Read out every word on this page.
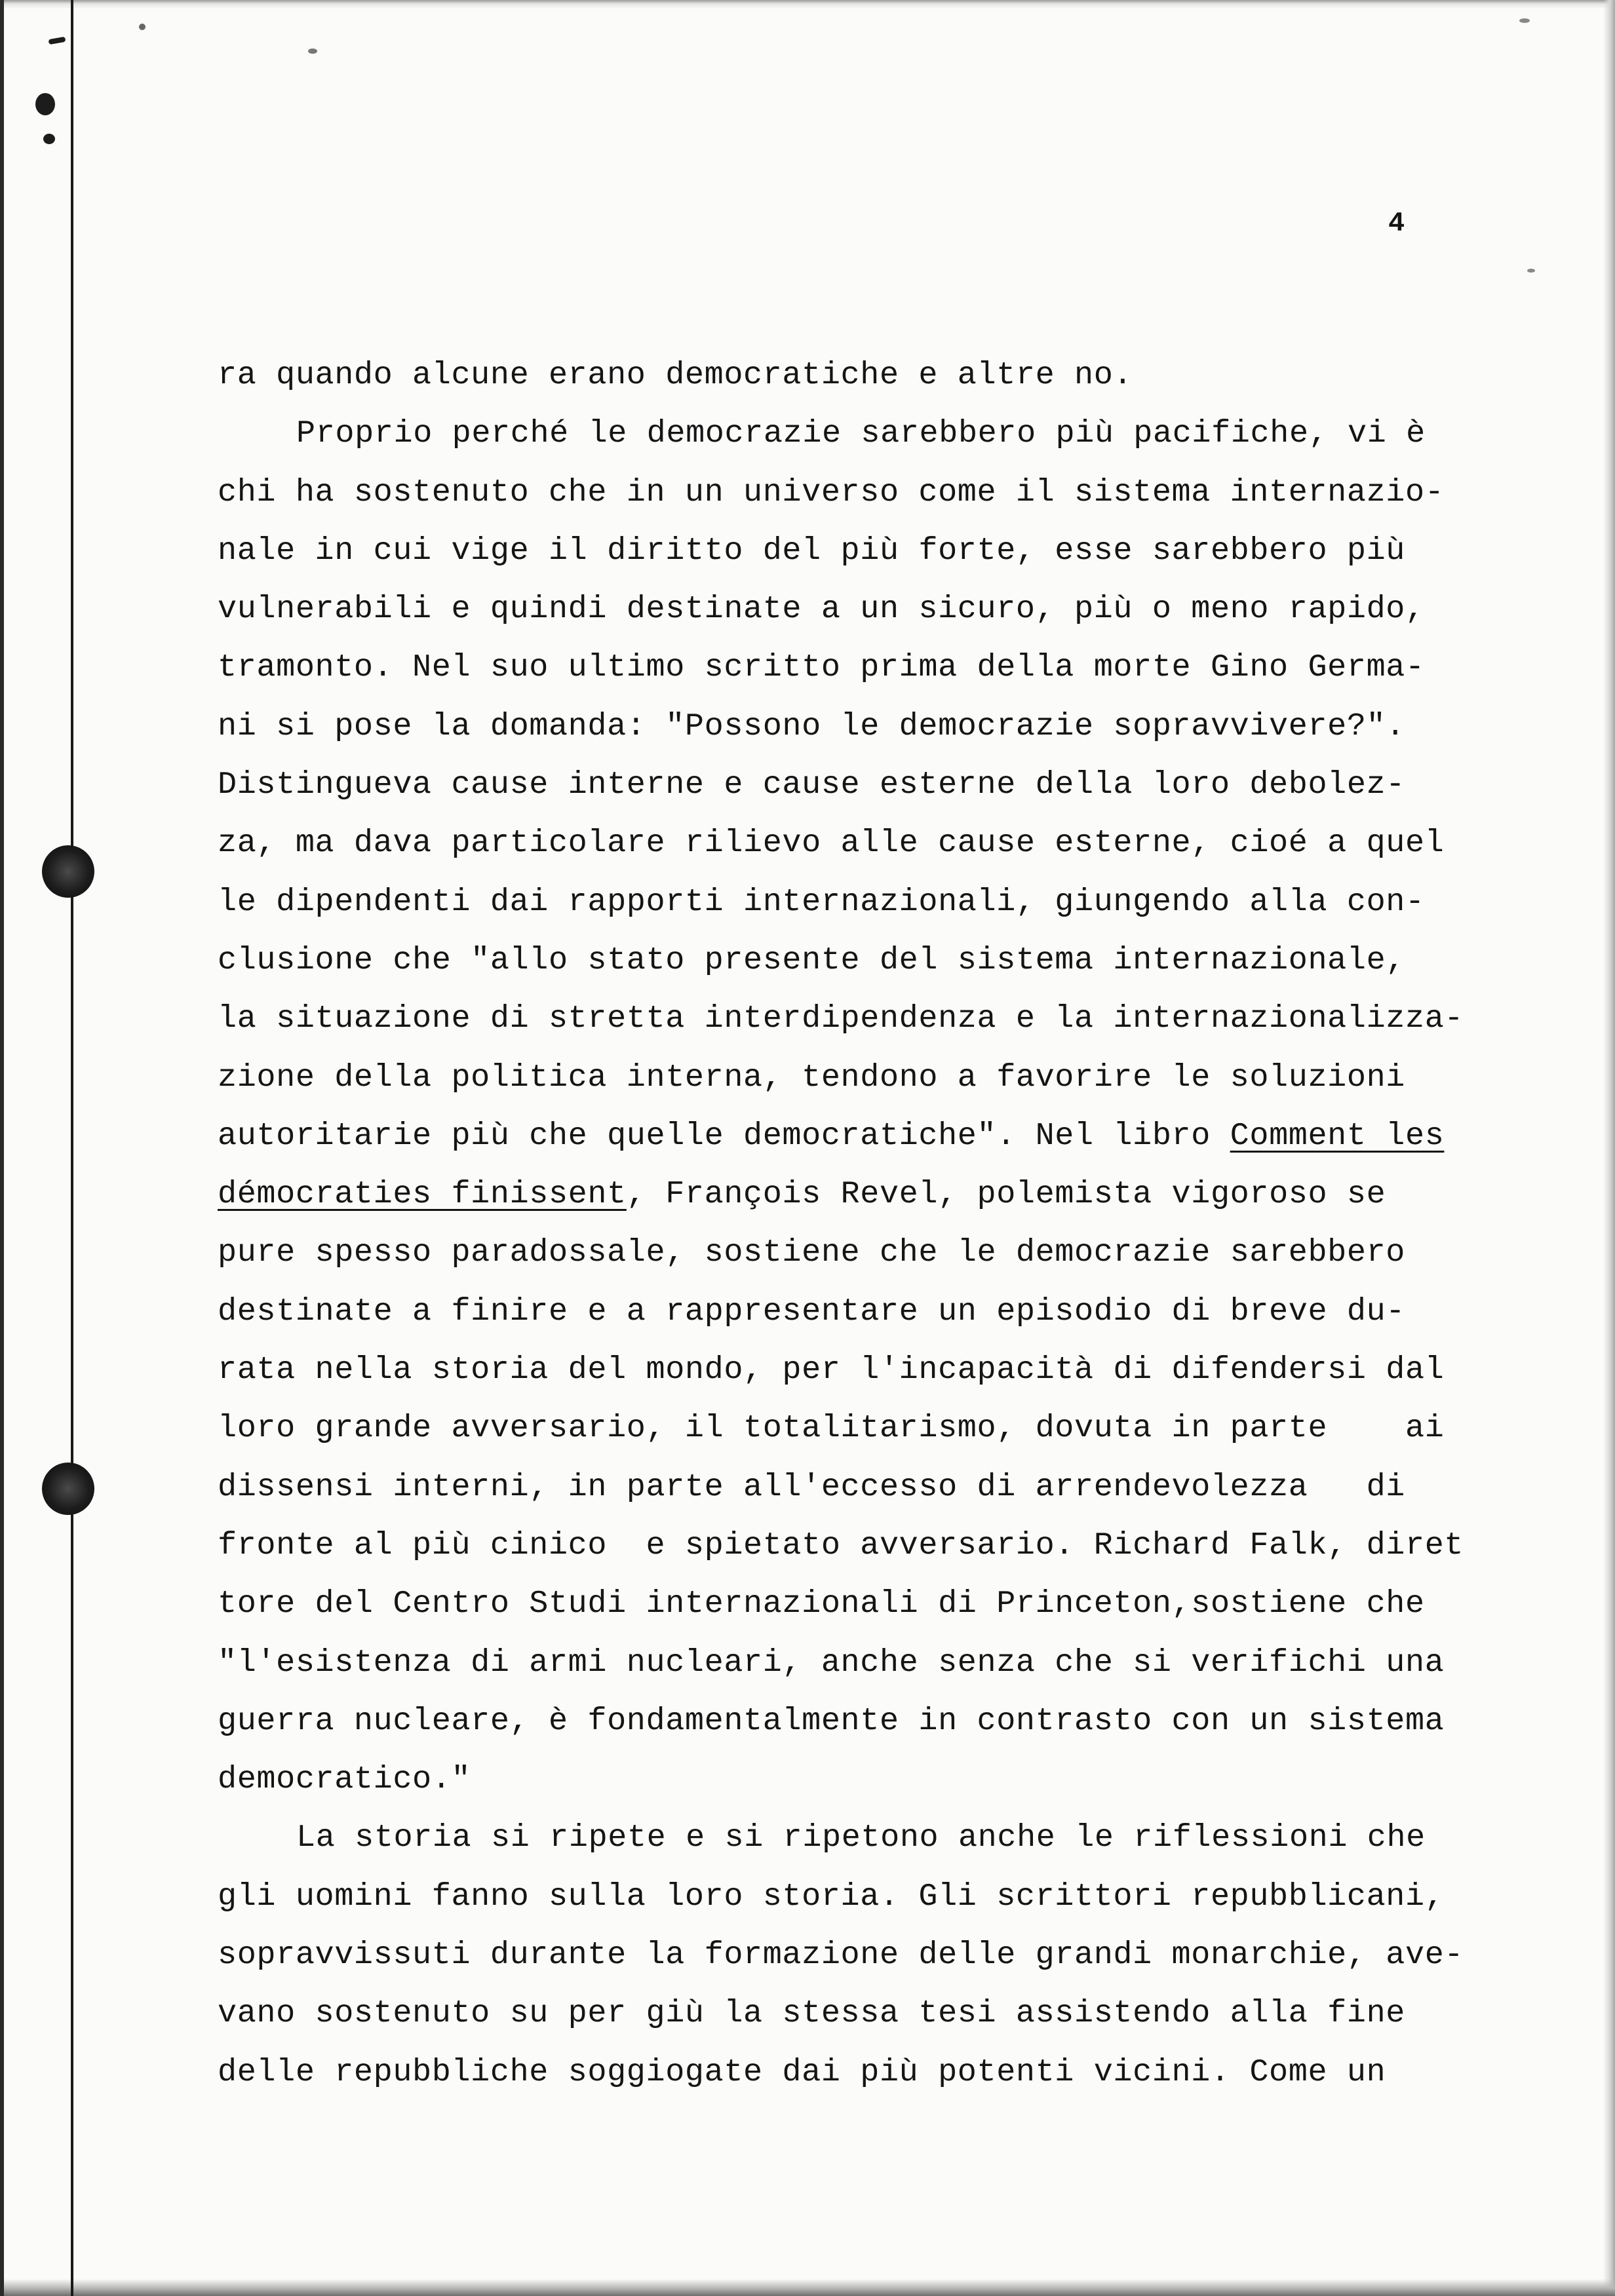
4
ra quando alcune erano democratiche e altre no.
Proprio perché le democrazie sarebbero più pacifiche, vi è
chi ha sostenuto che in un universo come il sistema internazio-
nale in cui vige il diritto del più forte, esse sarebbero più
vulnerabili e quindi destinate a un sicuro, più o meno rapido,
tramonto. Nel suo ultimo scritto prima della morte Gino Germa-
ni si pose la domanda: "Possono le democrazie sopravvivere?".
Distingueva cause interne e cause esterne della loro debolez-
za, ma dava particolare rilievo alle cause esterne, cioé a quel
le dipendenti dai rapporti internazionali, giungendo alla con-
clusione che "allo stato presente del sistema internazionale,
la situazione di stretta interdipendenza e la internazionalizza-
zione della politica interna, tendono a favorire le soluzioni
autoritarie più che quelle democratiche". Nel libro Comment les
démocraties finissent, François Revel, polemista vigoroso se
pure spesso paradossale, sostiene che le democrazie sarebbero
destinate a finire e a rappresentare un episodio di breve du-
rata nella storia del mondo, per l'incapacità di difendersi dal
loro grande avversario, il totalitarismo, dovuta in parte    ai
dissensi interni, in parte all'eccesso di arrendevolezza   di
fronte al più cinico  e spietato avversario. Richard Falk, diret
tore del Centro Studi internazionali di Princeton,sostiene che
"l'esistenza di armi nucleari, anche senza che si verifichi una
guerra nucleare, è fondamentalmente in contrasto con un sistema
democratico."
La storia si ripete e si ripetono anche le riflessioni che
gli uomini fanno sulla loro storia. Gli scrittori repubblicani,
sopravvissuti durante la formazione delle grandi monarchie, ave-
vano sostenuto su per giù la stessa tesi assistendo alla fine
delle repubbliche soggiogate dai più potenti vicini. Come un
